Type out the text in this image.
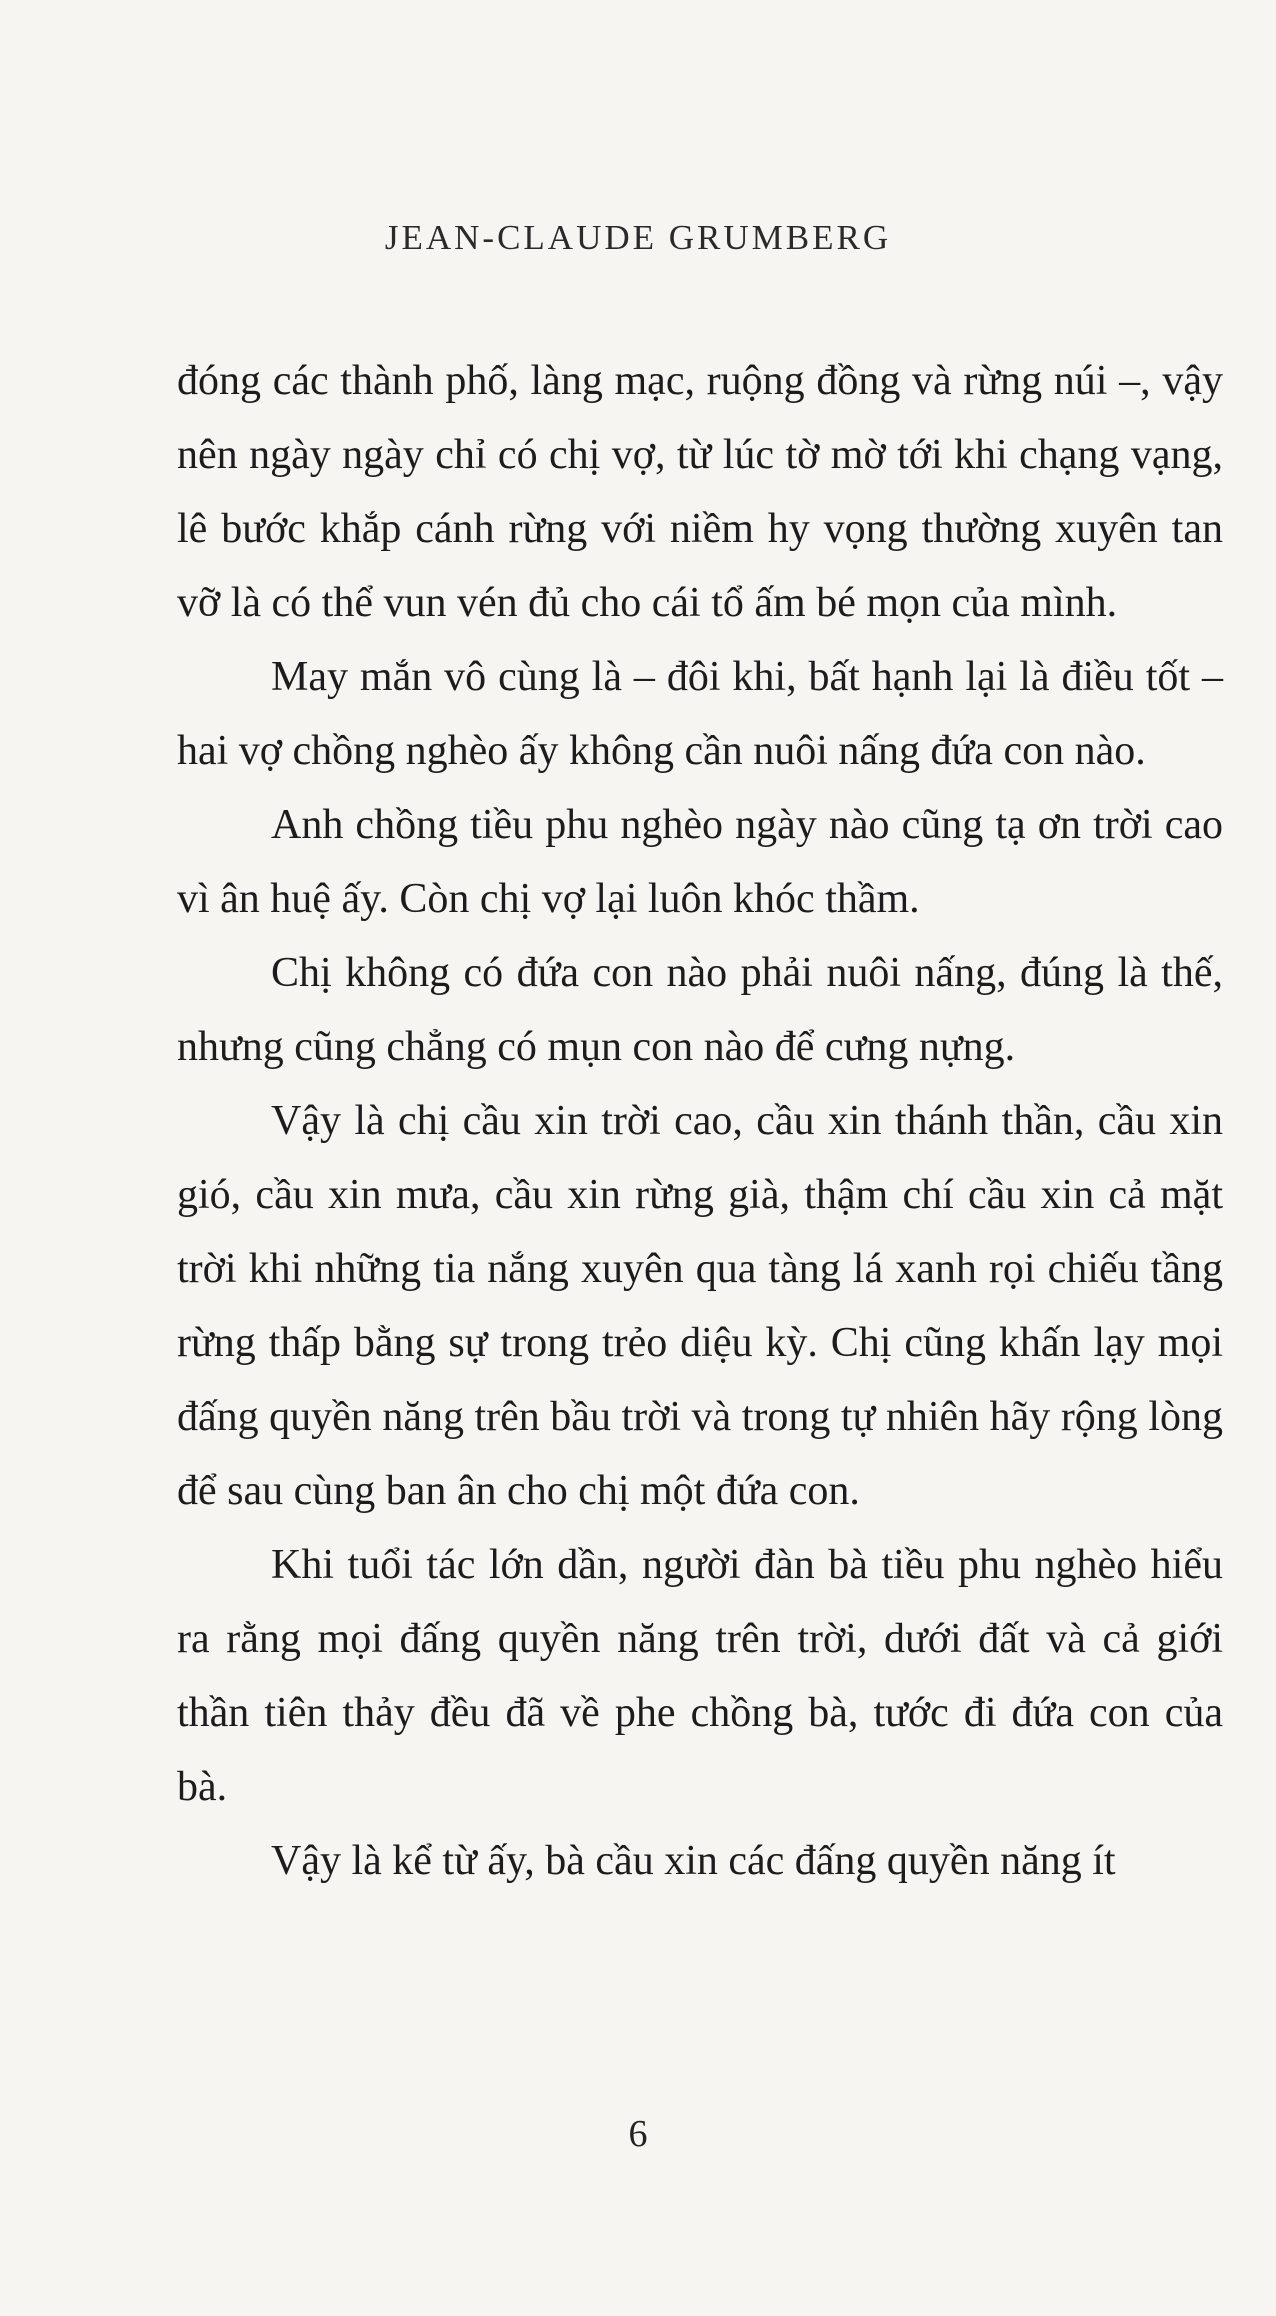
JEAN-CLAUDE GRUMBERG

đóng các thành phố, làng mạc, ruộng đồng và rừng núi –, vậy nên ngày ngày chỉ có chị vợ, từ lúc tờ mờ tới khi chạng vạng, lê bước khắp cánh rừng với niềm hy vọng thường xuyên tan vỡ là có thể vun vén đủ cho cái tổ ấm bé mọn của mình.

May mắn vô cùng là – đôi khi, bất hạnh lại là điều tốt – hai vợ chồng nghèo ấy không cần nuôi nấng đứa con nào.

Anh chồng tiều phu nghèo ngày nào cũng tạ ơn trời cao vì ân huệ ấy. Còn chị vợ lại luôn khóc thầm.

Chị không có đứa con nào phải nuôi nấng, đúng là thế, nhưng cũng chẳng có mụn con nào để cưng nựng.

Vậy là chị cầu xin trời cao, cầu xin thánh thần, cầu xin gió, cầu xin mưa, cầu xin rừng già, thậm chí cầu xin cả mặt trời khi những tia nắng xuyên qua tàng lá xanh rọi chiếu tầng rừng thấp bằng sự trong trẻo diệu kỳ. Chị cũng khấn lạy mọi đấng quyền năng trên bầu trời và trong tự nhiên hãy rộng lòng để sau cùng ban ân cho chị một đứa con.

Khi tuổi tác lớn dần, người đàn bà tiều phu nghèo hiểu ra rằng mọi đấng quyền năng trên trời, dưới đất và cả giới thần tiên thảy đều đã về phe chồng bà, tước đi đứa con của bà.

Vậy là kể từ ấy, bà cầu xin các đấng quyền năng ít

6
